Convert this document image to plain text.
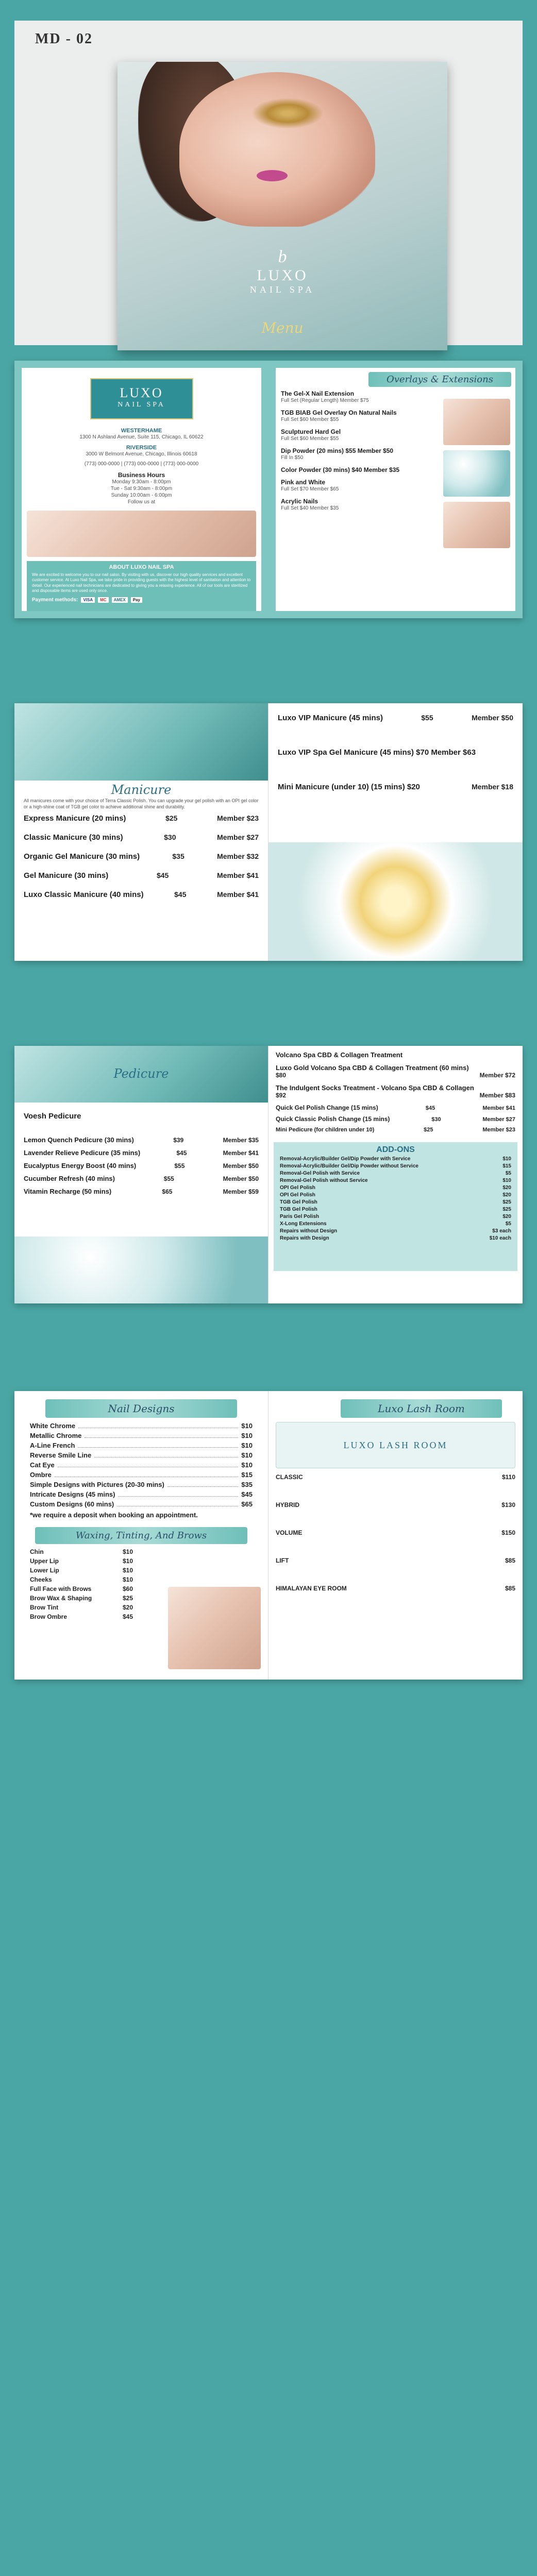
MD - 02
b
LUXO
NAIL SPA
Menu
LUXO
NAIL SPA
WESTERHAME
1300 N Ashland Avenue, Suite 115, Chicago, IL 60622
RIVERSIDE
3000 W Belmont Avenue, Chicago, Illinois 60618
(773) 000-0000 | (773) 000-0000 | (773) 000-0000
Business Hours
Monday 9:30am - 8:00pm
Tue - Sat 9:30am - 8:00pm
Sunday 10:00am - 6:00pm
Follow us at
ABOUT LUXO NAIL SPA
We are excited to welcome you to our nail salon. By visiting with us, discover our high quality services and excellent customer service. At Luxo Nail Spa, we take pride in providing guests with the highest level of sanitation and attention to detail. Our experienced nail technicians are dedicated to giving you a relaxing experience. All of our tools are sterilized and disposable items are used only once.
Payment methods:	VISA	MC	AMEX	Pay
Overlays & Extensions
The Gel-X Nail Extension
Full Set (Regular Length) Member $75
TGB BIAB Gel Overlay On Natural Nails
Full Set $60 Member $55
Sculptured Hard Gel
Full Set $60 Member $55
Dip Powder (20 mins) $55 Member $50
Fill In $50
Color Powder (30 mins) $40 Member $35
Pink and White
Full Set $70 Member $65
Acrylic Nails
Full Set $40 Member $35
Manicure
All manicures come with your choice of Terra Classic Polish. You can upgrade your gel polish with an OPI gel color or a high-shine coat of TGB gel color to achieve additional shine and durability.
Express Manicure (20 mins)	$25	Member $23
Classic Manicure (30 mins)	$30	Member $27
Organic Gel Manicure (30 mins)	$35	Member $32
Gel Manicure (30 mins)	$45	Member $41
Luxo Classic Manicure (40 mins)	$45	Member $41
Luxo VIP Manicure (45 mins)	$55	Member $50
Luxo VIP Spa Gel Manicure (45 mins) $70 Member $63
Mini Manicure (under 10) (15 mins) $20	Member $18
Pedicure
Voesh Pedicure
Lemon Quench Pedicure (30 mins)	$39	Member $35
Lavender Relieve Pedicure (35 mins)	$45	Member $41
Eucalyptus Energy Boost (40 mins)	$55	Member $50
Cucumber Refresh (40 mins)	$55	Member $50
Vitamin Recharge (50 mins)	$65	Member $59
Volcano Spa CBD & Collagen Treatment
Luxo Gold Volcano Spa CBD & Collagen Treatment (60 mins)
$80	Member $72
The Indulgent Socks Treatment - Volcano Spa CBD & Collagen
$92	Member $83
Quick Gel Polish Change (15 mins)	$45	Member $41
Quick Classic Polish Change (15 mins)	$30	Member $27
Mini Pedicure (for children under 10)	$25	Member $23
ADD-ONS
Removal-Acrylic/Builder Gel/Dip Powder with Service	$10
Removal-Acrylic/Builder Gel/Dip Powder without Service	$15
Removal-Gel Polish with Service	$5
Removal-Gel Polish without Service	$10
OPI Gel Polish	$20
OPI Gel Polish	$20
TGB Gel Polish	$25
TGB Gel Polish	$25
Paris Gel Polish	$20
X-Long Extensions	$5
Repairs without Design	$3 each
Repairs with Design	$10 each
Nail Designs
White Chrome	$10
Metallic Chrome	$10
A-Line French	$10
Reverse Smile Line	$10
Cat Eye	$10
Ombre	$15
Simple Designs with Pictures (20-30 mins)	$35
Intricate Designs (45 mins)	$45
Custom Designs (60 mins)	$65
*we require a deposit when booking an appointment.
Waxing, Tinting, And Brows
Chin	$10
Upper Lip	$10
Lower Lip	$10
Cheeks	$10
Full Face with Brows	$60
Brow Wax & Shaping	$25
Brow Tint	$20
Brow Ombre	$45
Luxo Lash Room
LUXO LASH ROOM
CLASSIC	$110
HYBRID	$130
VOLUME	$150
LIFT	$85
HIMALAYAN EYE ROOM	$85
